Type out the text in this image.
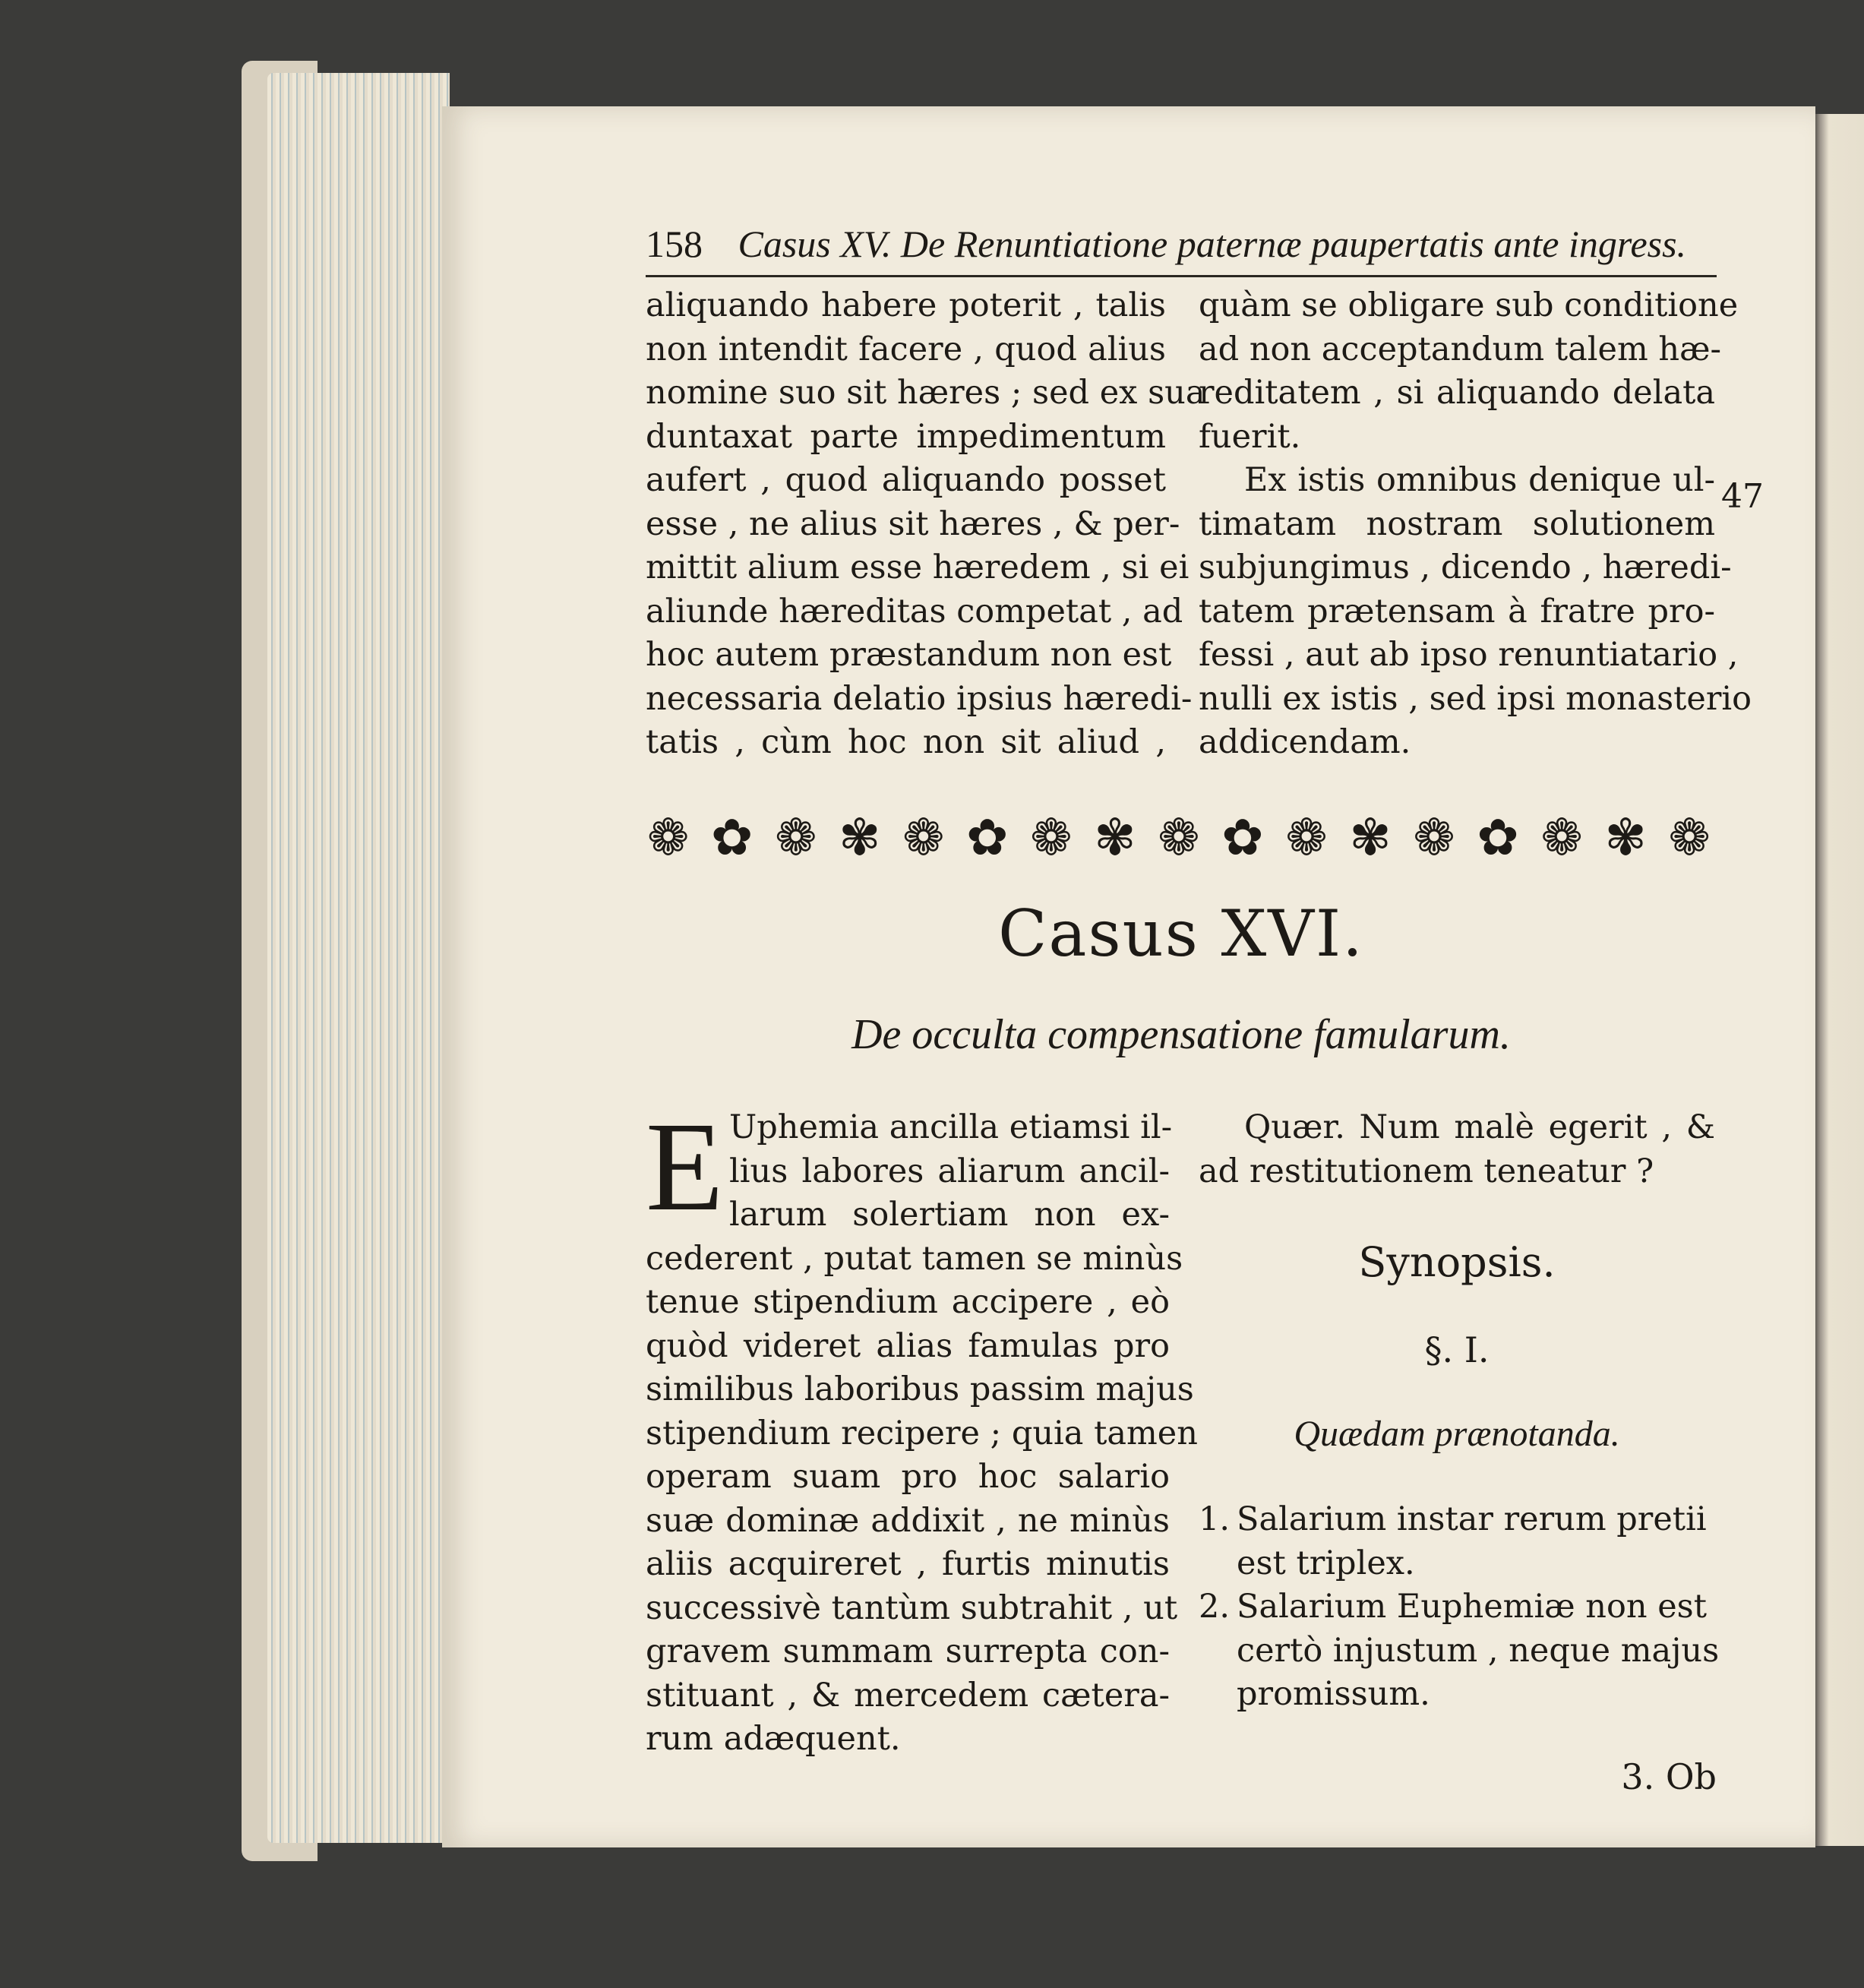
158 Casus XV. De Renuntiatione paternæ paupertatis ante ingress.
aliquando habere poterit , talis
non intendit facere , quod alius
nomine suo sit hæres ; sed ex sua
duntaxat parte impedimentum
aufert , quod aliquando posset
esse , ne alius sit hæres , & per-
mittit alium esse hæredem , si ei
aliunde hæreditas competat , ad
hoc autem præstandum non est
necessaria delatio ipsius hæredi-
tatis , cùm hoc non sit aliud ,
quàm se obligare sub conditione
ad non acceptandum talem hæ-
reditatem , si aliquando delata
fuerit.
Ex istis omnibus denique ul-
timatam nostram solutionem
subjungimus , dicendo , hæredi-
tatem prætensam à fratre pro-
fessi , aut ab ipso renuntiatario ,
nulli ex istis , sed ipsi monasterio
addicendam.
47
❁ ✿ ❁ ✾ ❁ ✿ ❁ ✾ ❁ ✿ ❁ ✾ ❁ ✿ ❁ ✾ ❁
Casus XVI.
De occulta compensatione famularum.
E Uphemia ancilla etiamsi il-
lius labores aliarum ancil-
larum solertiam non ex-
cederent , putat tamen se minùs
tenue stipendium accipere , eò
quòd videret alias famulas pro
similibus laboribus passim majus
stipendium recipere ; quia tamen
operam suam pro hoc salario
suæ dominæ addixit , ne minùs
aliis acquireret , furtis minutis
successivè tantùm subtrahit , ut
gravem summam surrepta con-
stituant , & mercedem cætera-
rum adæquent.
Quær. Num malè egerit , &
ad restitutionem teneatur ?
Synopsis.
§. I.
Quædam prænotanda.
1. Salarium instar rerum pretii
est triplex.
2. Salarium Euphemiæ non est
certò injustum , neque majus
promissum.
3. Ob
